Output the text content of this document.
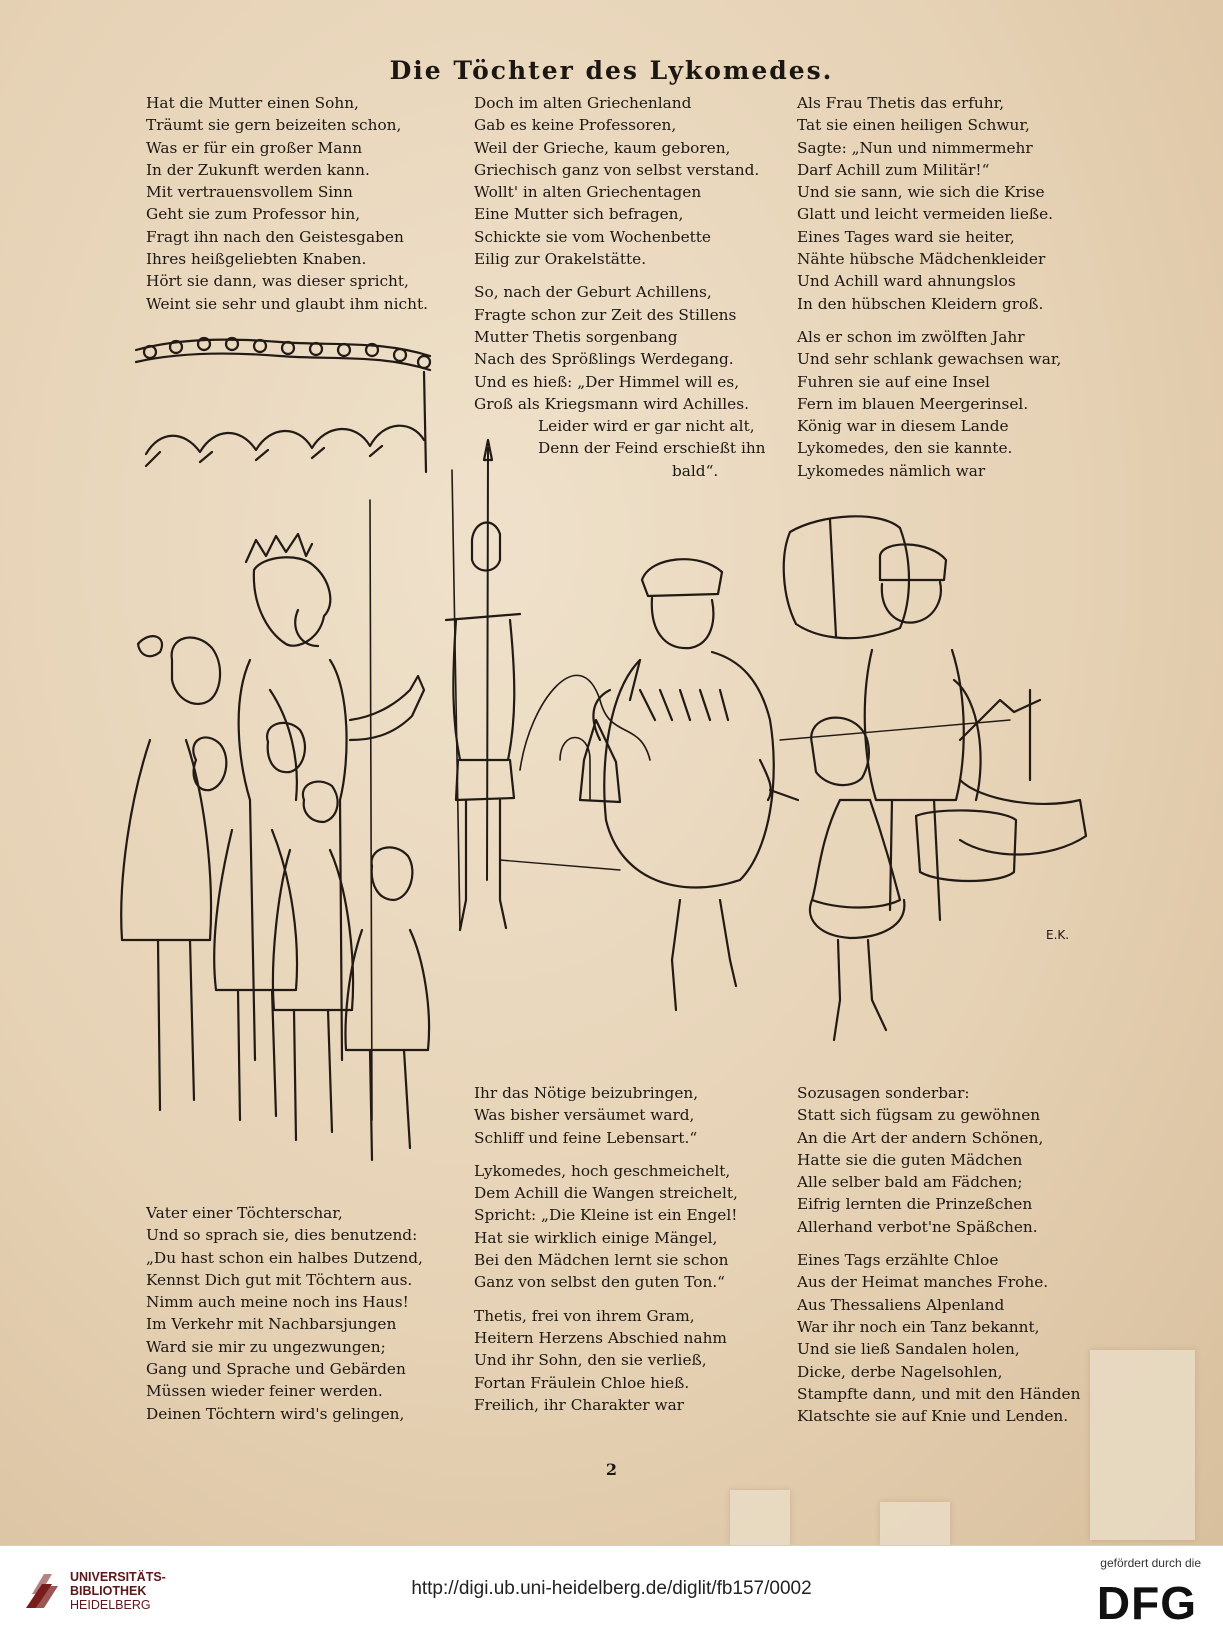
Die Töchter des Lykomedes.
Hat die Mutter einen Sohn,
Träumt sie gern beizeiten schon,
Was er für ein großer Mann
In der Zukunft werden kann.
Mit vertrauensvollem Sinn
Geht sie zum Professor hin,
Fragt ihn nach den Geistesgaben
Ihres heißgeliebten Knaben.
Hört sie dann, was dieser spricht,
Weint sie sehr und glaubt ihm nicht.
Doch im alten Griechenland
Gab es keine Professoren,
Weil der Grieche, kaum geboren,
Griechisch ganz von selbst verstand.
Wollt' in alten Griechentagen
Eine Mutter sich befragen,
Schickte sie vom Wochenbette
Eilig zur Orakelstätte.
So, nach der Geburt Achillens,
Fragte schon zur Zeit des Stillens
Mutter Thetis sorgenbang
Nach des Sprößlings Werdegang.
Und es hieß: „Der Himmel will es,
Groß als Kriegsmann wird Achilles.
Leider wird er gar nicht alt,
Denn der Feind erschießt ihn
bald“.
Als Frau Thetis das erfuhr,
Tat sie einen heiligen Schwur,
Sagte: „Nun und nimmermehr
Darf Achill zum Militär!“
Und sie sann, wie sich die Krise
Glatt und leicht vermeiden ließe.
Eines Tages ward sie heiter,
Nähte hübsche Mädchenkleider
Und Achill ward ahnungslos
In den hübschen Kleidern groß.
Als er schon im zwölften Jahr
Und sehr schlank gewachsen war,
Fuhren sie auf eine Insel
Fern im blauen Meergerinsel.
König war in diesem Lande
Lykomedes, den sie kannte.
Lykomedes nämlich war
E.K.
Vater einer Töchterschar,
Und so sprach sie, dies benutzend:
„Du hast schon ein halbes Dutzend,
Kennst Dich gut mit Töchtern aus.
Nimm auch meine noch ins Haus!
Im Verkehr mit Nachbarsjungen
Ward sie mir zu ungezwungen;
Gang und Sprache und Gebärden
Müssen wieder feiner werden.
Deinen Töchtern wird's gelingen,
Ihr das Nötige beizubringen,
Was bisher versäumet ward,
Schliff und feine Lebensart.“
Lykomedes, hoch geschmeichelt,
Dem Achill die Wangen streichelt,
Spricht: „Die Kleine ist ein Engel!
Hat sie wirklich einige Mängel,
Bei den Mädchen lernt sie schon
Ganz von selbst den guten Ton.“
Thetis, frei von ihrem Gram,
Heitern Herzens Abschied nahm
Und ihr Sohn, den sie verließ,
Fortan Fräulein Chloe hieß.
Freilich, ihr Charakter war
Sozusagen sonderbar:
Statt sich fügsam zu gewöhnen
An die Art der andern Schönen,
Hatte sie die guten Mädchen
Alle selber bald am Fädchen;
Eifrig lernten die Prinzeßchen
Allerhand verbot'ne Späßchen.
Eines Tags erzählte Chloe
Aus der Heimat manches Frohe.
Aus Thessaliens Alpenland
War ihr noch ein Tanz bekannt,
Und sie ließ Sandalen holen,
Dicke, derbe Nagelsohlen,
Stampfte dann, und mit den Händen
Klatschte sie auf Knie und Lenden.
2
UNIVERSITÄTS-
BIBLIOTHEK
HEIDELBERG
http://digi.ub.uni-heidelberg.de/diglit/fb157/0002
gefördert durch die
DFG
